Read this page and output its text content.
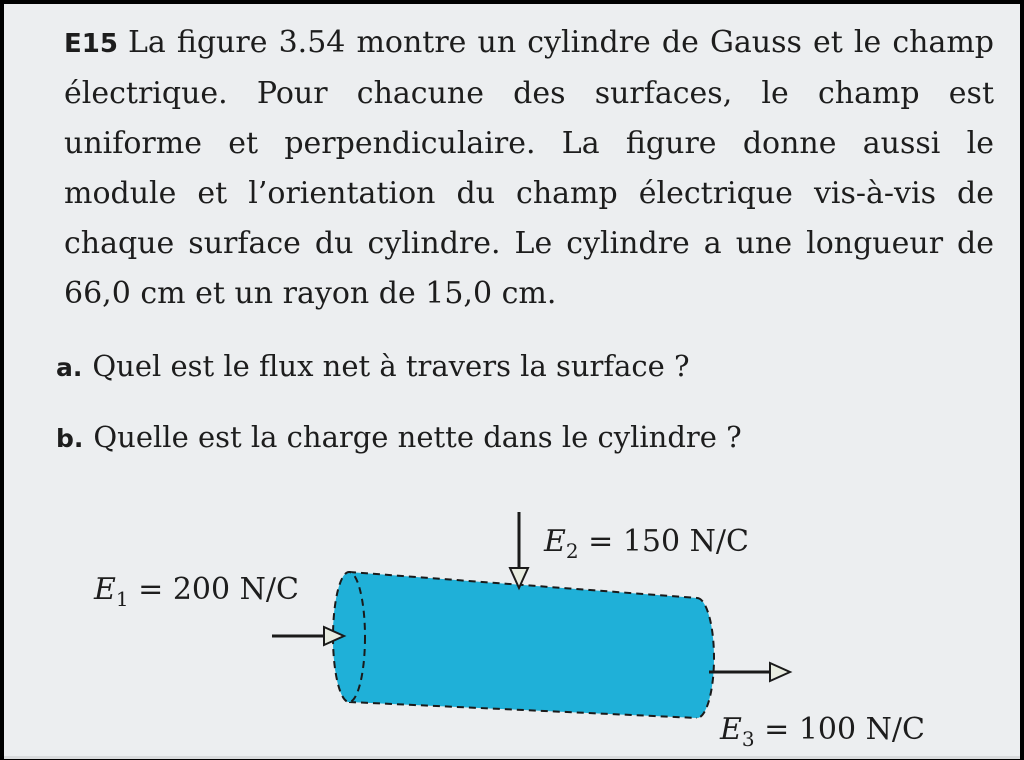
E15 La figure 3.54 montre un cylindre de Gauss et le champ électrique. Pour chacune des surfaces, le champ est uniforme et perpendiculaire. La figure donne aussi le module et l’orientation du champ électrique vis-à-vis de chaque surface du cylindre. Le cylindre a une longueur de 66,0 cm et un rayon de 15,0 cm.
a. Quel est le flux net à travers la surface ?
b. Quelle est la charge nette dans le cylindre ?
$E_1 = 200$ N/C
$E_2 = 150$ N/C
$E_3 = 100$ N/C
